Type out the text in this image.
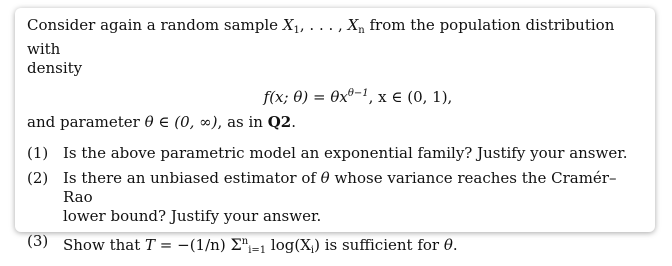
Consider again a random sample $X_1$, . . . , $X_n$ from the population distribution with
density

f(x; $\theta) = \theta x^{\theta-1}$, x ∈ (0, 1),

and parameter θ ∈ (0, ∞), as in Q2.

(1) Is the above parametric model an exponential family? Justify your answer.
(2) Is there an unbiased estimator of θ whose variance reaches the Cramér–Rao
lower bound? Justify your answer.
(3) Show that T = −(1/n) $\Sigma^n_{i=1}$ $\log(X_i)$ is sufficient for θ.
